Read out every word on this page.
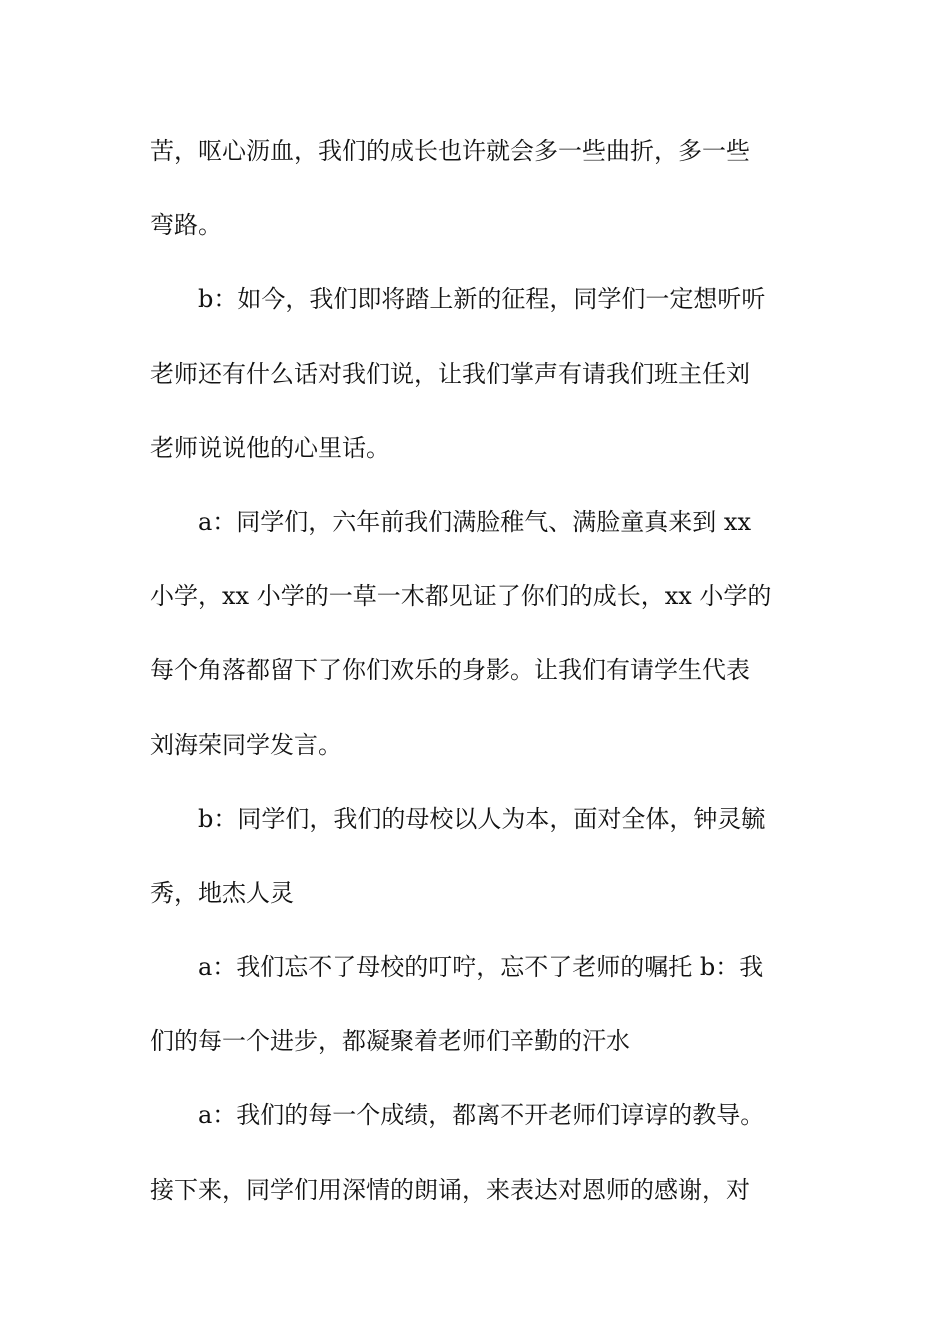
苦，呕心沥血，我们的成长也许就会多一些曲折，多一些
弯路。
b：如今，我们即将踏上新的征程，同学们一定想听听
老师还有什么话对我们说，让我们掌声有请我们班主任刘
老师说说他的心里话。
a：同学们，六年前我们满脸稚气、满脸童真来到 xx
小学，xx 小学的一草一木都见证了你们的成长，xx 小学的
每个角落都留下了你们欢乐的身影。让我们有请学生代表
刘海荣同学发言。
b：同学们，我们的母校以人为本，面对全体，钟灵毓
秀，地杰人灵
a：我们忘不了母校的叮咛，忘不了老师的嘱托 b：我
们的每一个进步，都凝聚着老师们辛勤的汗水
a：我们的每一个成绩，都离不开老师们谆谆的教导。
接下来，同学们用深情的朗诵，来表达对恩师的感谢，对
